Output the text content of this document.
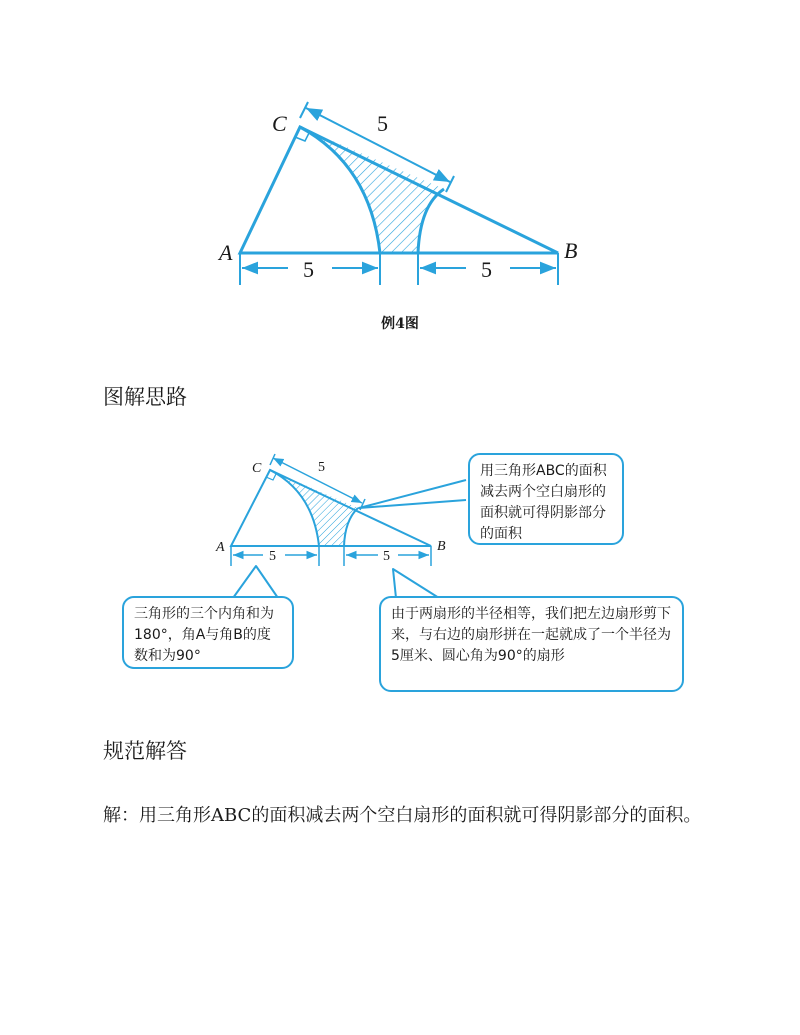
C
A	B
5
5	5
例4图
图解思路
C
A	B
5
5	5
用三角形ABC的面积减去两个空白扇形的面积就可得阴影部分的面积
三角形的三个内角和为180°，角A与角B的度数和为90°
由于两扇形的半径相等，我们把左边扇形剪下来，与右边的扇形拼在一起就成了一个半径为5厘米、圆心角为90°的扇形
规范解答
解：用三角形ABC的面积减去两个空白扇形的面积就可得阴影部分的面积。
